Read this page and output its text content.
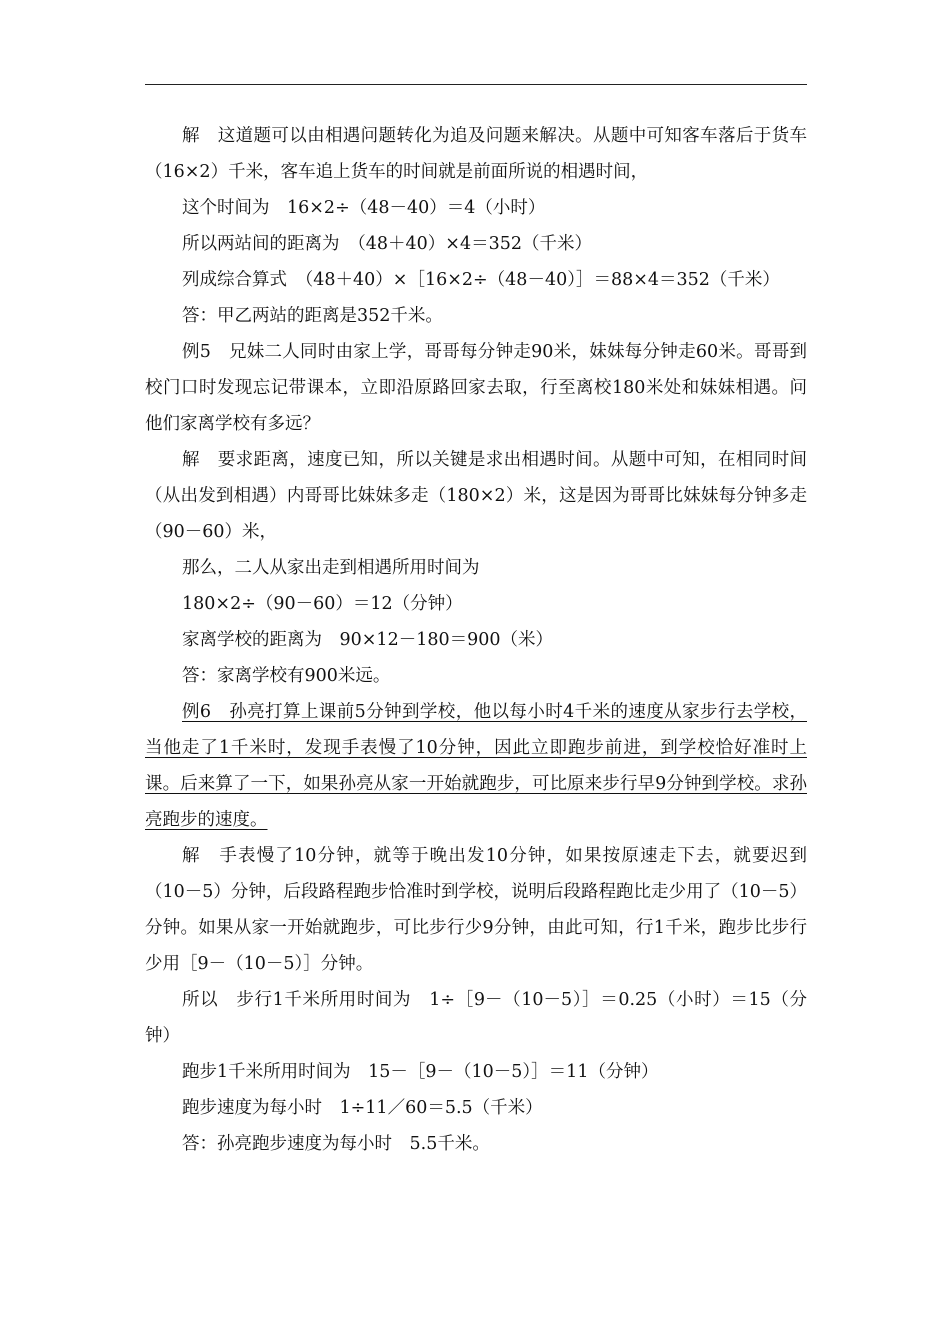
解　这道题可以由相遇问题转化为追及问题来解决。从题中可知客车落后于货车（16×2）千米，客车追上货车的时间就是前面所说的相遇时间，

这个时间为　16×2÷（48－40）＝4（小时）

所以两站间的距离为　（48＋40）×4＝352（千米）

列成综合算式　（48＋40）×［16×2÷（48－40）］＝88×4＝352（千米）

答：甲乙两站的距离是352千米。

例5　兄妹二人同时由家上学，哥哥每分钟走90米，妹妹每分钟走60米。哥哥到校门口时发现忘记带课本，立即沿原路回家去取，行至离校180米处和妹妹相遇。问他们家离学校有多远？

解　要求距离，速度已知，所以关键是求出相遇时间。从题中可知，在相同时间（从出发到相遇）内哥哥比妹妹多走（180×2）米，这是因为哥哥比妹妹每分钟多走（90－60）米，

那么，二人从家出走到相遇所用时间为

180×2÷（90－60）＝12（分钟）

家离学校的距离为　90×12－180＝900（米）

答：家离学校有900米远。

例6　孙亮打算上课前5分钟到学校，他以每小时4千米的速度从家步行去学校，当他走了1千米时，发现手表慢了10分钟，因此立即跑步前进，到学校恰好准时上课。后来算了一下，如果孙亮从家一开始就跑步，可比原来步行早9分钟到学校。求孙亮跑步的速度。

解　手表慢了10分钟，就等于晚出发10分钟，如果按原速走下去，就要迟到（10－5）分钟，后段路程跑步恰准时到学校，说明后段路程跑比走少用了（10－5）分钟。如果从家一开始就跑步，可比步行少9分钟，由此可知，行1千米，跑步比步行少用［9－（10－5）］分钟。

所以　步行1千米所用时间为　1÷［9－（10－5）］＝0.25（小时）＝15（分钟）

跑步1千米所用时间为　15－［9－（10－5）］＝11（分钟）

跑步速度为每小时　1÷11／60＝5.5（千米）

答：孙亮跑步速度为每小时　5.5千米。
